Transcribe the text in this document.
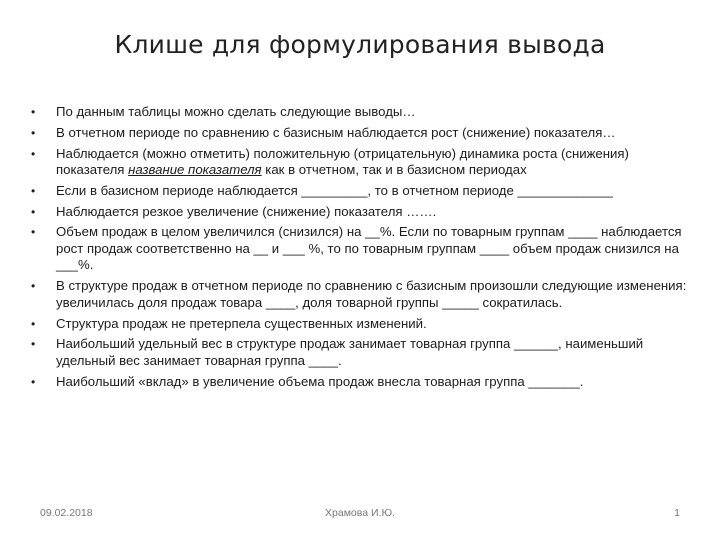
Клише для формулирования вывода
• По данным таблицы можно сделать следующие выводы…
• В отчетном периоде по сравнению с базисным наблюдается рост (снижение) показателя…
• Наблюдается (можно отметить) положительную (отрицательную) динамика роста (снижения) показателя название показателя как в отчетном, так и в базисном периодах
• Если в базисном периоде наблюдается _________, то в отчетном периоде _____________
• Наблюдается резкое увеличение (снижение) показателя …….
• Объем продаж в целом увеличился (снизился) на __%. Если по товарным группам ____ наблюдается рост продаж соответственно на __ и ___ %, то по товарным группам ____ объем продаж снизился на ___%.
• В структуре продаж в отчетном периоде по сравнению с базисным произошли следующие изменения: увеличилась доля продаж товара ____, доля товарной группы _____ сократилась.
• Структура продаж не претерпела существенных изменений.
• Наибольший удельный вес в структуре продаж занимает товарная группа ______, наименьший удельный вес занимает товарная группа ____.
• Наибольший «вклад» в увеличение объема продаж внесла товарная группа _______.
09.02.2018	Храмова И.Ю.	1
